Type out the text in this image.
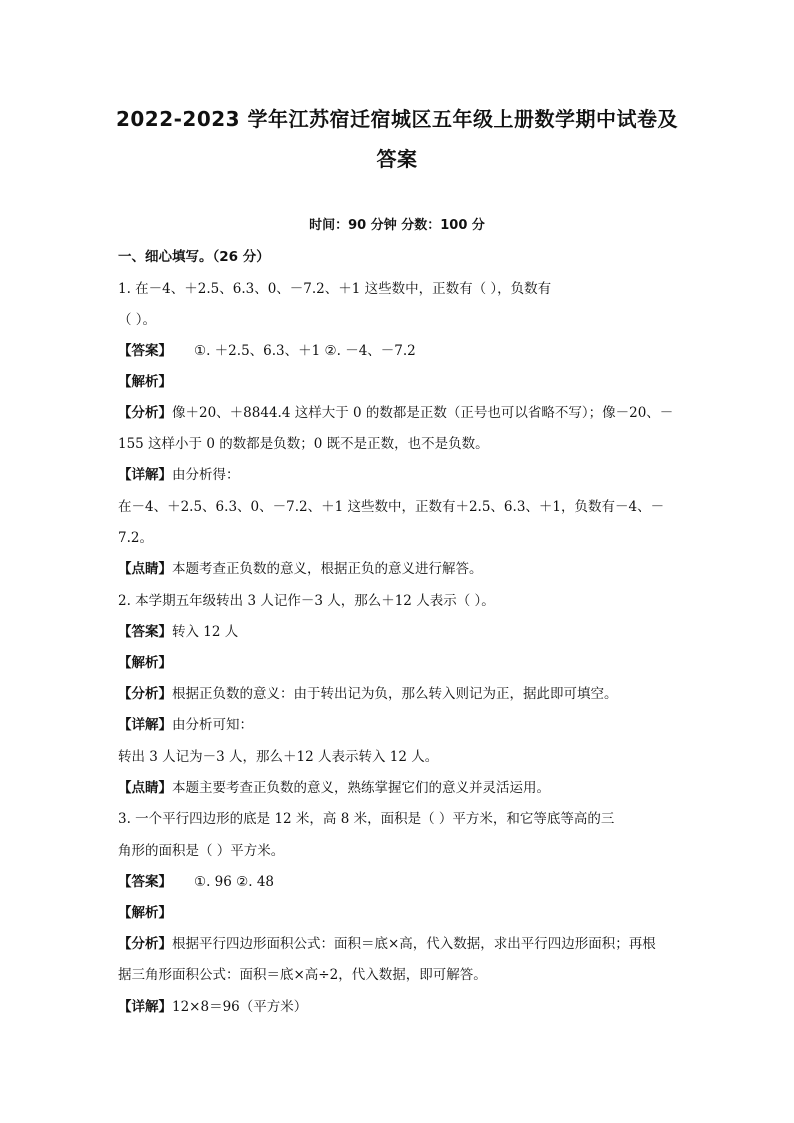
2022-2023 学年江苏宿迁宿城区五年级上册数学期中试卷及
答案
时间：90 分钟 分数：100 分
一、细心填写。（26 分）
1. 在－4、＋2.5、6.3、0、－7.2、＋1 这些数中，正数有（ ），负数有
（ ）。
【答案】 ①. ＋2.5、6.3、＋1 ②. －4、－7.2
【解析】
【分析】像＋20、＋8844.4 这样大于 0 的数都是正数（正号也可以省略不写）；像－20、－
155 这样小于 0 的数都是负数；0 既不是正数，也不是负数。
【详解】由分析得：
在－4、＋2.5、6.3、0、－7.2、＋1 这些数中，正数有＋2.5、6.3、＋1，负数有－4、－
7.2。
【点睛】本题考查正负数的意义，根据正负的意义进行解答。
2. 本学期五年级转出 3 人记作－3 人，那么＋12 人表示（ ）。
【答案】转入 12 人
【解析】
【分析】根据正负数的意义：由于转出记为负，那么转入则记为正，据此即可填空。
【详解】由分析可知：
转出 3 人记为－3 人，那么＋12 人表示转入 12 人。
【点睛】本题主要考查正负数的意义，熟练掌握它们的意义并灵活运用。
3. 一个平行四边形的底是 12 米，高 8 米，面积是（ ）平方米，和它等底等高的三
角形的面积是（ ）平方米。
【答案】 ①. 96 ②. 48
【解析】
【分析】根据平行四边形面积公式：面积＝底×高，代入数据，求出平行四边形面积；再根
据三角形面积公式：面积＝底×高÷2，代入数据，即可解答。
【详解】12×8＝96（平方米）
